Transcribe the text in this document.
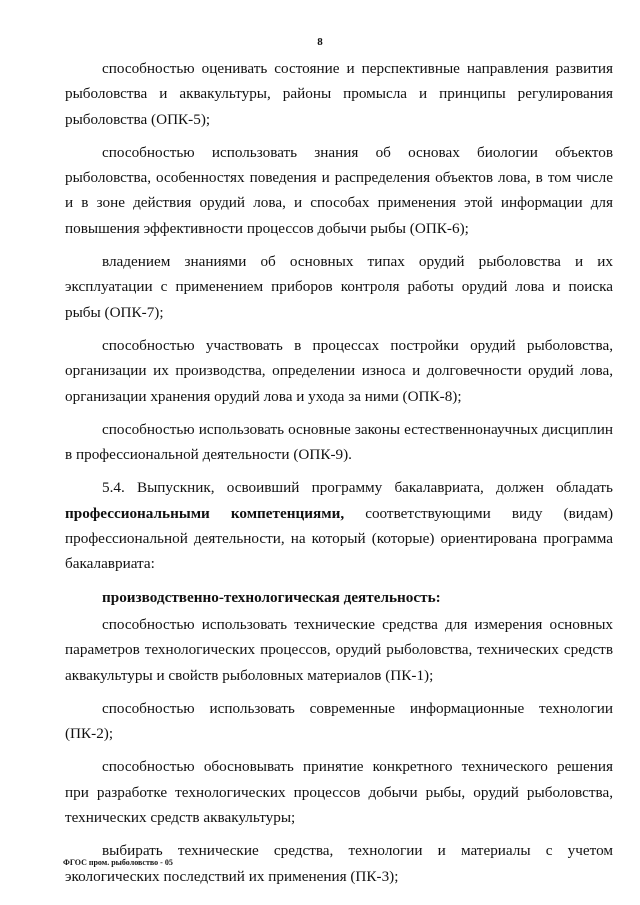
8

способностью оценивать состояние и перспективные направления развития рыболовства и аквакультуры, районы промысла и принципы регулирования рыболовства (ОПК-5);

способностью использовать знания об основах биологии объектов рыболовства, особенностях поведения и распределения объектов лова, в том числе и в зоне действия орудий лова, и способах применения этой информации для повышения эффективности процессов добычи рыбы (ОПК-6);

владением знаниями об основных типах орудий рыболовства и их эксплуатации с применением приборов контроля работы орудий лова и поиска рыбы (ОПК-7);

способностью участвовать в процессах постройки орудий рыболовства, организации их производства, определении износа и долговечности орудий лова, организации хранения орудий лова и ухода за ними (ОПК-8);

способностью использовать основные законы естественнонаучных дисциплин в профессиональной деятельности (ОПК-9).

5.4. Выпускник, освоивший программу бакалавриата, должен обладать профессиональными компетенциями, соответствующими виду (видам) профессиональной деятельности, на который (которые) ориентирована программа бакалавриата:

производственно-технологическая деятельность:

способностью использовать технические средства для измерения основных параметров технологических процессов, орудий рыболовства, технических средств аквакультуры и свойств рыболовных материалов (ПК-1);

способностью использовать современные информационные технологии (ПК-2);

способностью обосновывать принятие конкретного технического решения при разработке технологических процессов добычи рыбы, орудий рыболовства, технических средств аквакультуры;

выбирать технические средства, технологии и материалы с учетом экологических последствий их применения (ПК-3);

ФГОС пром. рыболовство - 05
